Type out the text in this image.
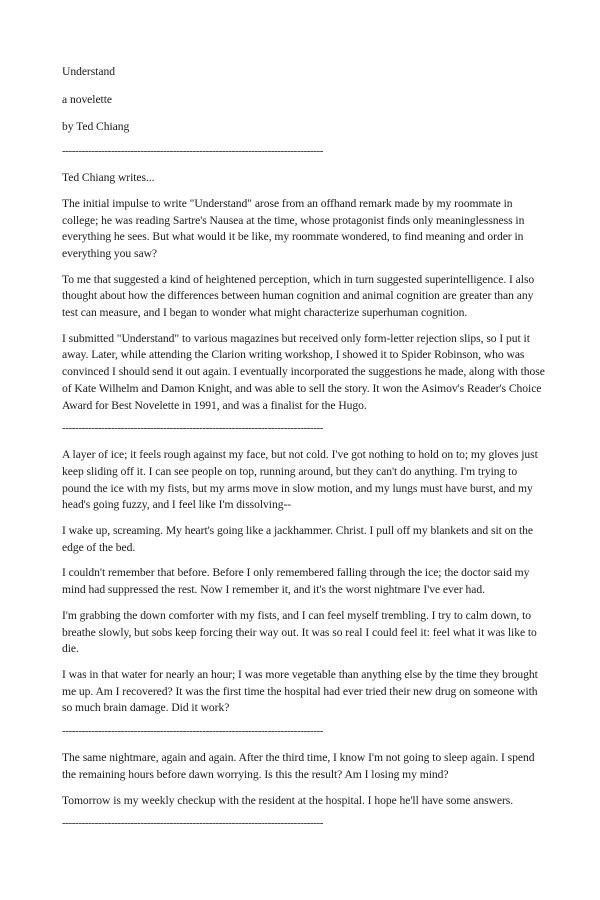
Understand

a novelette

by Ted Chiang

--------------------------------------------------------------------------------

Ted Chiang writes...

The initial impulse to write "Understand" arose from an offhand remark made by my roommate in college; he was reading Sartre's Nausea at the time, whose protagonist finds only meaninglessness in everything he sees. But what would it be like, my roommate wondered, to find meaning and order in everything you saw?

To me that suggested a kind of heightened perception, which in turn suggested superintelligence. I also thought about how the differences between human cognition and animal cognition are greater than any test can measure, and I began to wonder what might characterize superhuman cognition.

I submitted "Understand" to various magazines but received only form-letter rejection slips, so I put it away. Later, while attending the Clarion writing workshop, I showed it to Spider Robinson, who was convinced I should send it out again. I eventually incorporated the suggestions he made, along with those of Kate Wilhelm and Damon Knight, and was able to sell the story. It won the Asimov's Reader's Choice Award for Best Novelette in 1991, and was a finalist for the Hugo.

--------------------------------------------------------------------------------

A layer of ice; it feels rough against my face, but not cold. I've got nothing to hold on to; my gloves just keep sliding off it. I can see people on top, running around, but they can't do anything. I'm trying to pound the ice with my fists, but my arms move in slow motion, and my lungs must have burst, and my head's going fuzzy, and I feel like I'm dissolving--

I wake up, screaming. My heart's going like a jackhammer. Christ. I pull off my blankets and sit on the edge of the bed.

I couldn't remember that before. Before I only remembered falling through the ice; the doctor said my mind had suppressed the rest. Now I remember it, and it's the worst nightmare I've ever had.

I'm grabbing the down comforter with my fists, and I can feel myself trembling. I try to calm down, to breathe slowly, but sobs keep forcing their way out. It was so real I could feel it: feel what it was like to die.

I was in that water for nearly an hour; I was more vegetable than anything else by the time they brought me up. Am I recovered? It was the first time the hospital had ever tried their new drug on someone with so much brain damage. Did it work?

--------------------------------------------------------------------------------

The same nightmare, again and again. After the third time, I know I'm not going to sleep again. I spend the remaining hours before dawn worrying. Is this the result? Am I losing my mind?

Tomorrow is my weekly checkup with the resident at the hospital. I hope he'll have some answers.

--------------------------------------------------------------------------------
